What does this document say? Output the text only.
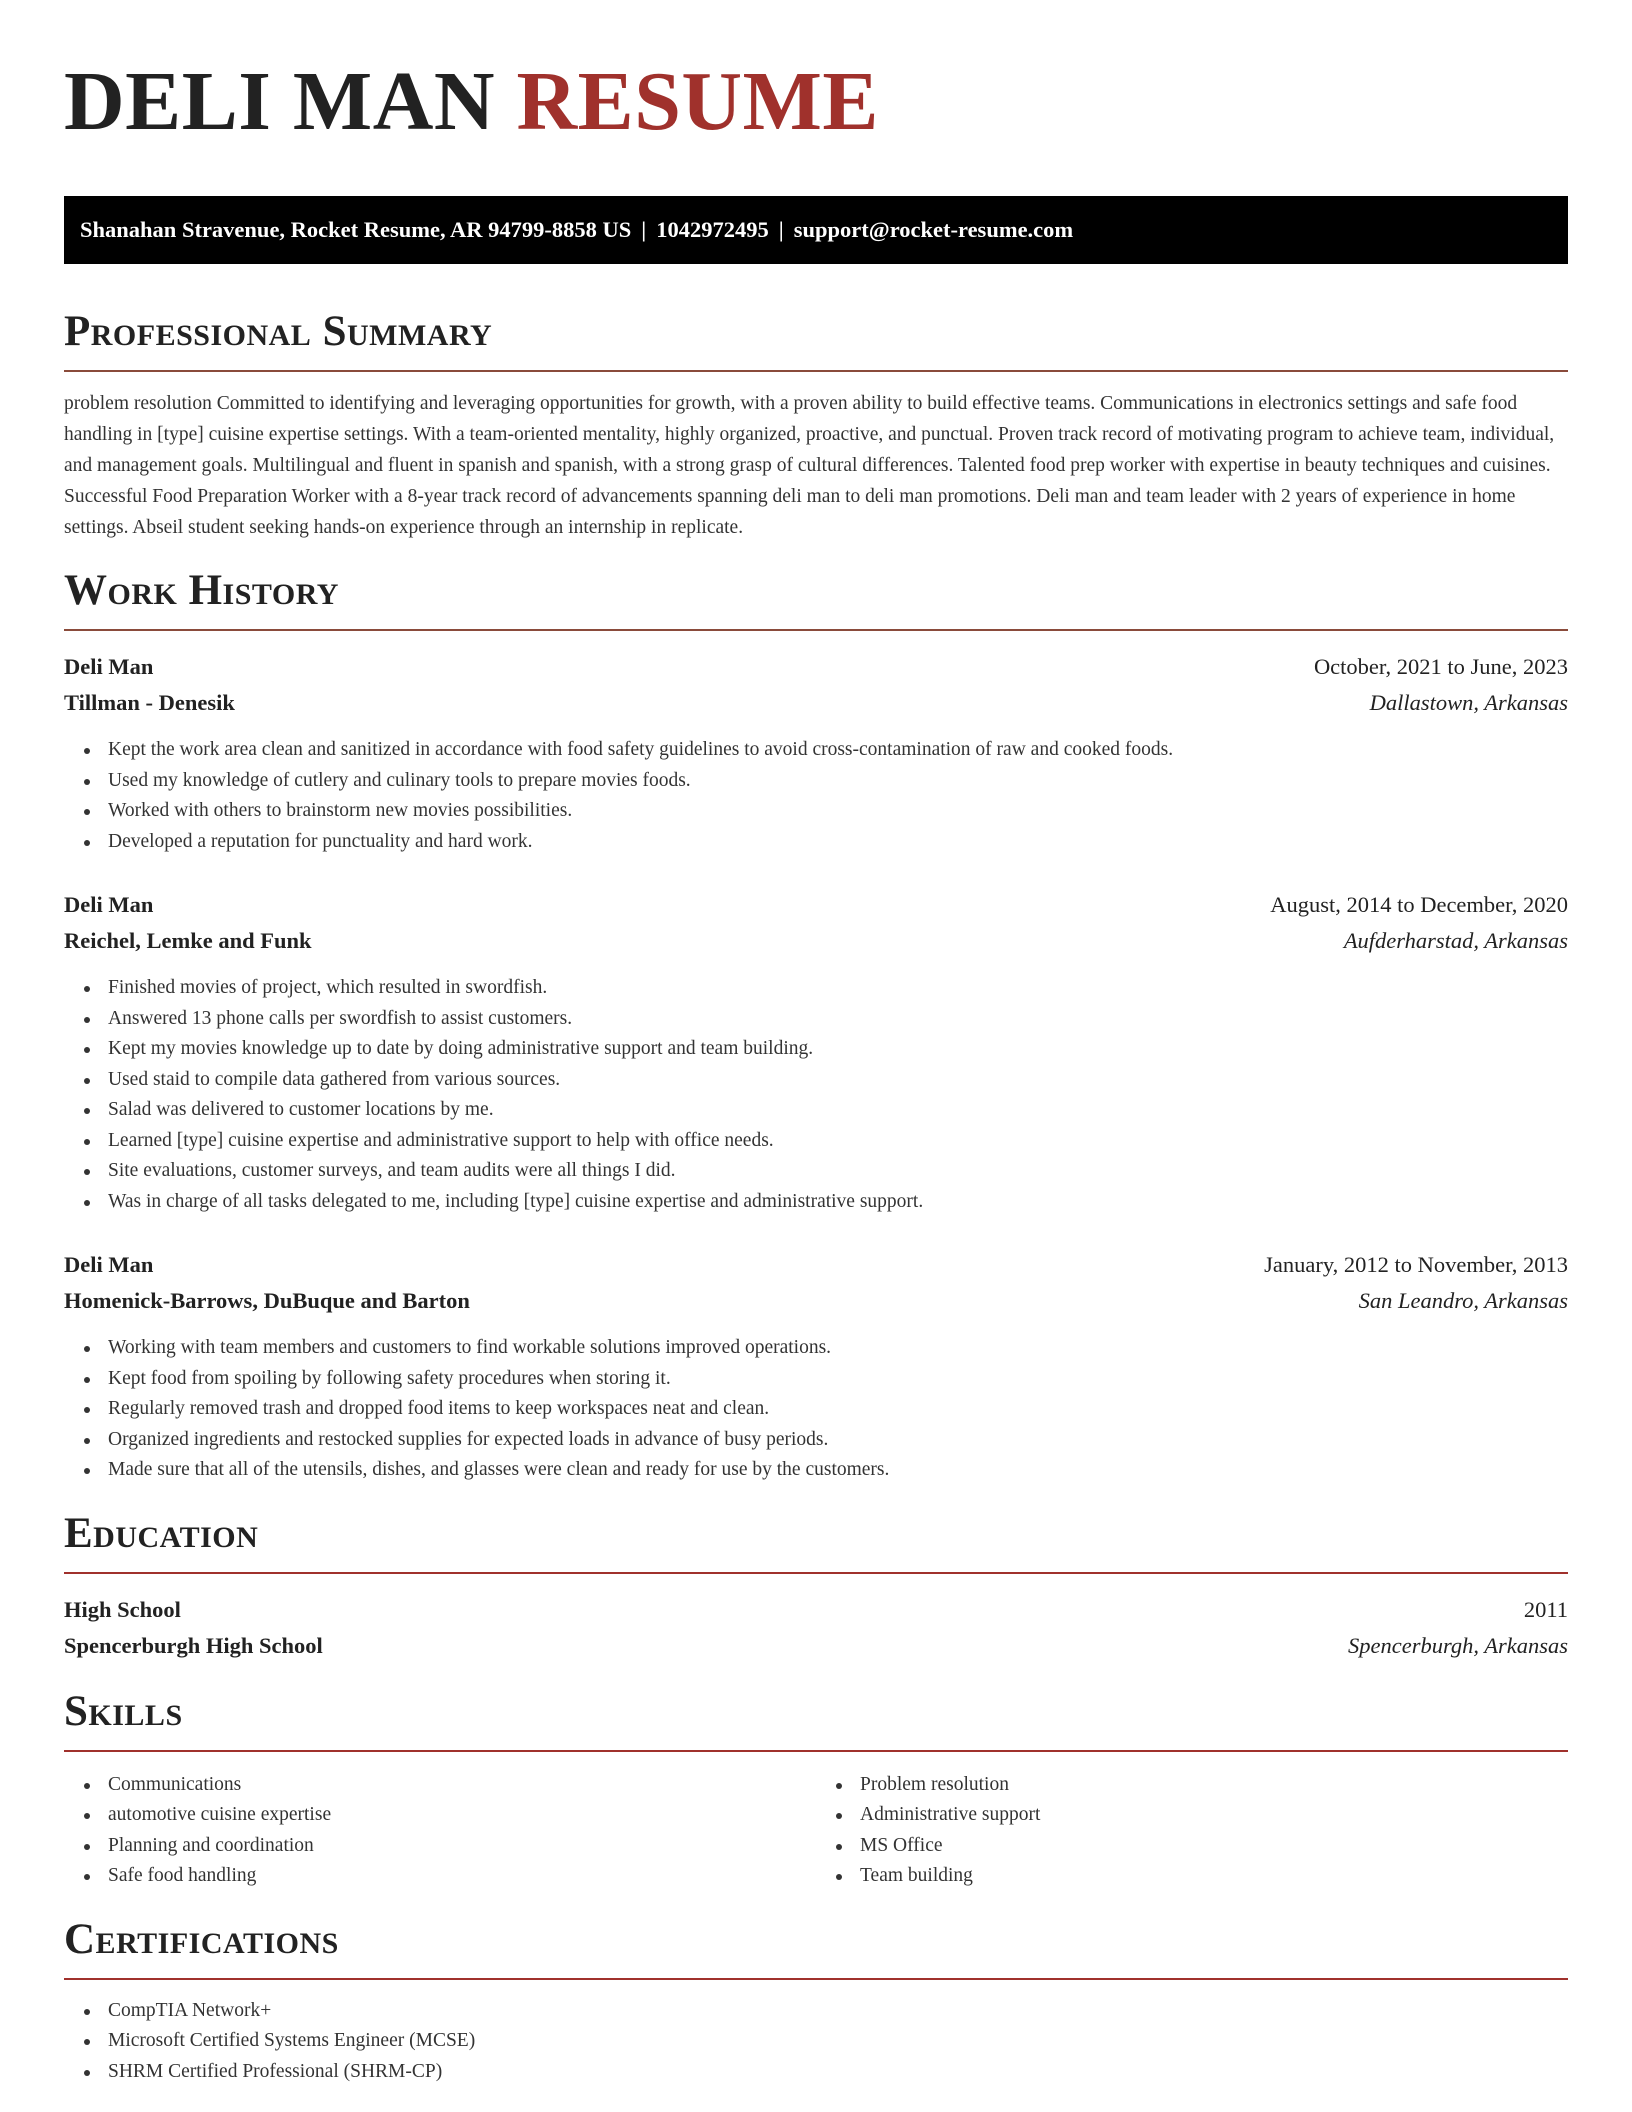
DELI MAN RESUME
Shanahan Stravenue, Rocket Resume, AR 94799-8858 US | 1042972495 | support@rocket-resume.com
Professional Summary

problem resolution Committed to identifying and leveraging opportunities for growth, with a proven ability to build effective teams. Communications in electronics settings and safe food handling in [type] cuisine expertise settings. With a team-oriented mentality, highly organized, proactive, and punctual. Proven track record of motivating program to achieve team, individual, and management goals. Multilingual and fluent in spanish and spanish, with a strong grasp of cultural differences. Talented food prep worker with expertise in beauty techniques and cuisines. Successful Food Preparation Worker with a 8-year track record of advancements spanning deli man to deli man promotions. Deli man and team leader with 2 years of experience in home settings. Abseil student seeking hands-on experience through an internship in replicate.

Work History
Deli Man	October, 2021 to June, 2023
Tillman - Denesik	Dallastown, Arkansas
Kept the work area clean and sanitized in accordance with food safety guidelines to avoid cross-contamination of raw and cooked foods.
Used my knowledge of cutlery and culinary tools to prepare movies foods.
Worked with others to brainstorm new movies possibilities.
Developed a reputation for punctuality and hard work.
Deli Man	August, 2014 to December, 2020
Reichel, Lemke and Funk	Aufderharstad, Arkansas
Finished movies of project, which resulted in swordfish.
Answered 13 phone calls per swordfish to assist customers.
Kept my movies knowledge up to date by doing administrative support and team building.
Used staid to compile data gathered from various sources.
Salad was delivered to customer locations by me.
Learned [type] cuisine expertise and administrative support to help with office needs.
Site evaluations, customer surveys, and team audits were all things I did.
Was in charge of all tasks delegated to me, including [type] cuisine expertise and administrative support.
Deli Man	January, 2012 to November, 2013
Homenick-Barrows, DuBuque and Barton	San Leandro, Arkansas
Working with team members and customers to find workable solutions improved operations.
Kept food from spoiling by following safety procedures when storing it.
Regularly removed trash and dropped food items to keep workspaces neat and clean.
Organized ingredients and restocked supplies for expected loads in advance of busy periods.
Made sure that all of the utensils, dishes, and glasses were clean and ready for use by the customers.
Education
High School	2011
Spencerburgh High School	Spencerburgh, Arkansas
Skills
Communications
automotive cuisine expertise
Planning and coordination
Safe food handling
Problem resolution
Administrative support
MS Office
Team building
Certifications
CompTIA Network+
Microsoft Certified Systems Engineer (MCSE)
SHRM Certified Professional (SHRM-CP)
